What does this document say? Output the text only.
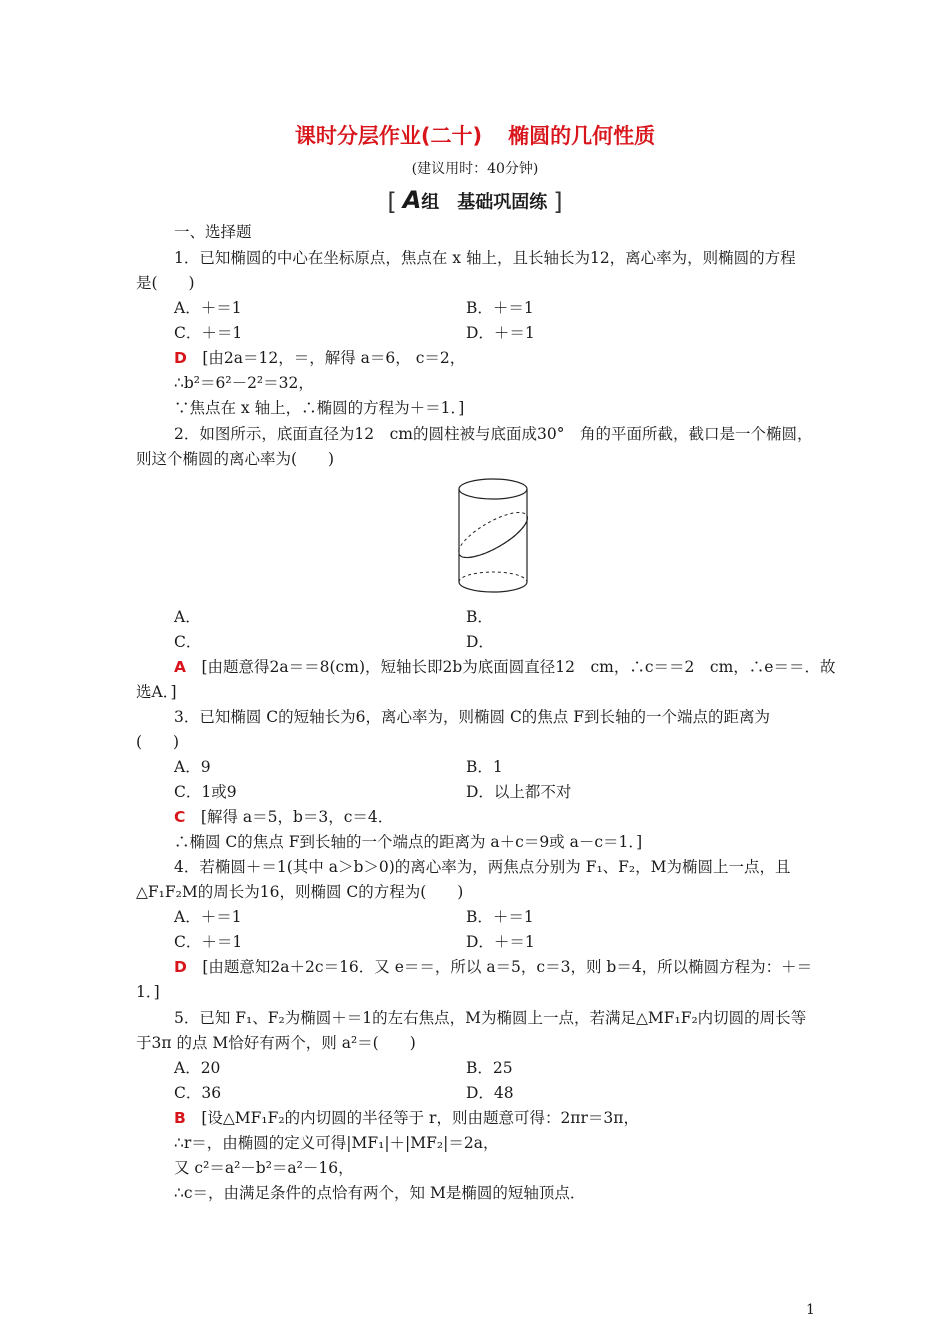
课时分层作业(二十) 椭圆的几何性质
(建议用时：40分钟)
[ A组　基础巩固练 ]
一、选择题
1．已知椭圆的中心在坐标原点，焦点在 x 轴上，且长轴长为12，离心率为，则椭圆的方程
是(　　)
A．＋＝1	B．＋＝1
C．＋＝1	D．＋＝1
D　[由2a＝12，＝，解得 a＝6， c＝2，
∴b²＝6²－2²＝32，
∵焦点在 x 轴上，∴椭圆的方程为＋＝1．]
2．如图所示，底面直径为12　cm的圆柱被与底面成30°　角的平面所截，截口是一个椭圆，
则这个椭圆的离心率为(　　)
A．	B．
C．	D．
A　[由题意得2a＝＝8(cm)，短轴长即2b为底面圆直径12　cm，∴c＝＝2　cm，∴e＝＝．故
选A．]
3．已知椭圆 C的短轴长为6，离心率为，则椭圆 C的焦点 F到长轴的一个端点的距离为
(　　)
A．9	B．1
C．1或9	D．以上都不对
C　[解得 a＝5，b＝3，c＝4．
∴椭圆 C的焦点 F到长轴的一个端点的距离为 a＋c＝9或 a－c＝1．]
4．若椭圆＋＝1(其中 a＞b＞0)的离心率为，两焦点分别为 F₁、F₂，M为椭圆上一点，且
△F₁F₂M的周长为16，则椭圆 C的方程为(　　)
A．＋＝1	B．＋＝1
C．＋＝1	D．＋＝1
D　[由题意知2a＋2c＝16．又 e＝＝，所以 a＝5，c＝3，则 b＝4，所以椭圆方程为：＋＝
1．]
5．已知 F₁、F₂为椭圆＋＝1的左右焦点，M为椭圆上一点，若满足△MF₁F₂内切圆的周长等
于3π 的点 M恰好有两个，则 a²＝(　　)
A．20	B．25
C．36	D．48
B　[设△MF₁F₂的内切圆的半径等于 r，则由题意可得：2πr＝3π，
∴r＝，由椭圆的定义可得|MF₁|＋|MF₂|＝2a，
又 c²＝a²－b²＝a²－16，
∴c＝，由满足条件的点恰有两个，知 M是椭圆的短轴顶点．
1
